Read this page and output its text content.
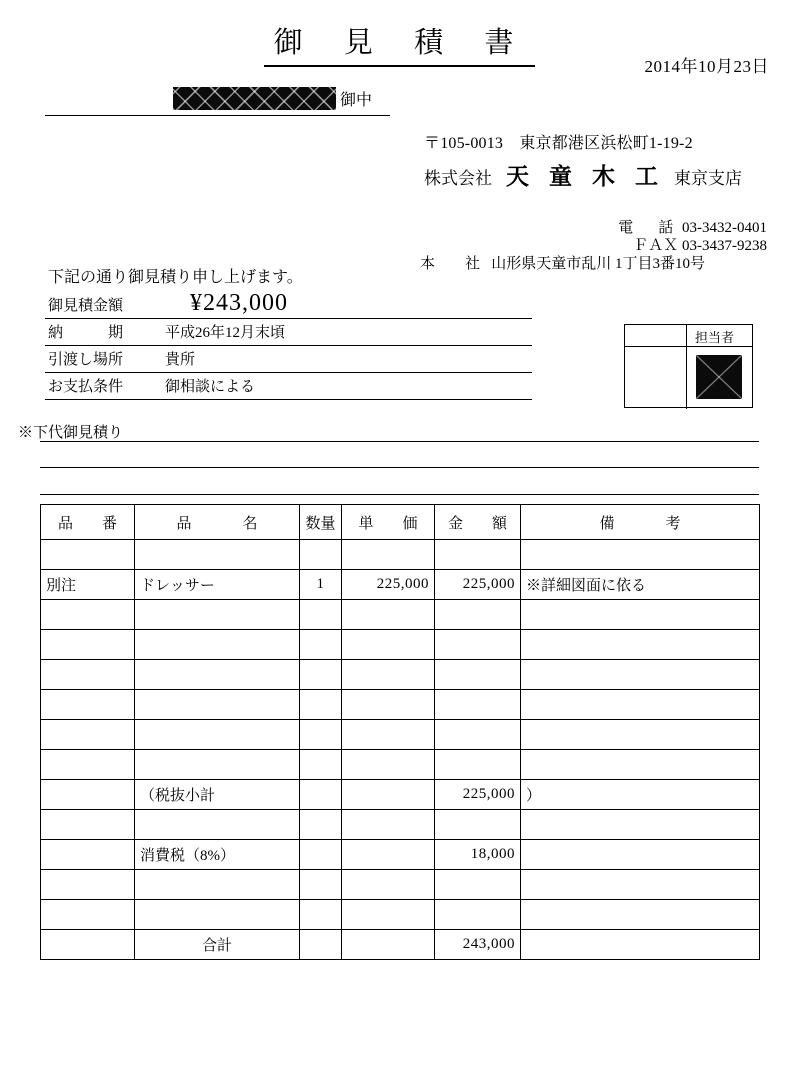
御 見 積 書
2014年10月23日
御中
〒105-0013　東京都港区浜松町1-19-2
株式会社 天 童 木 工 東京支店
電　話 03-3432-0401
ＦＡＸ 03-3437-9238
本　　社 山形県天童市乱川 1丁目3番10号
下記の通り御見積り申し上げます。
御見積金額	¥243,000
納　　　期	平成26年12月末頃
引渡し場所	貴所
お支払条件	御相談による
※下代御見積り
担当者
品　番	品　　名	数量	単　価	金　額	備　　考

別注	ドレッサー	1	225,000	225,000	※詳細図面に依る

	（税抜小計			225,000	）

	消費税（8%）			18,000	

	合計			243,000	
